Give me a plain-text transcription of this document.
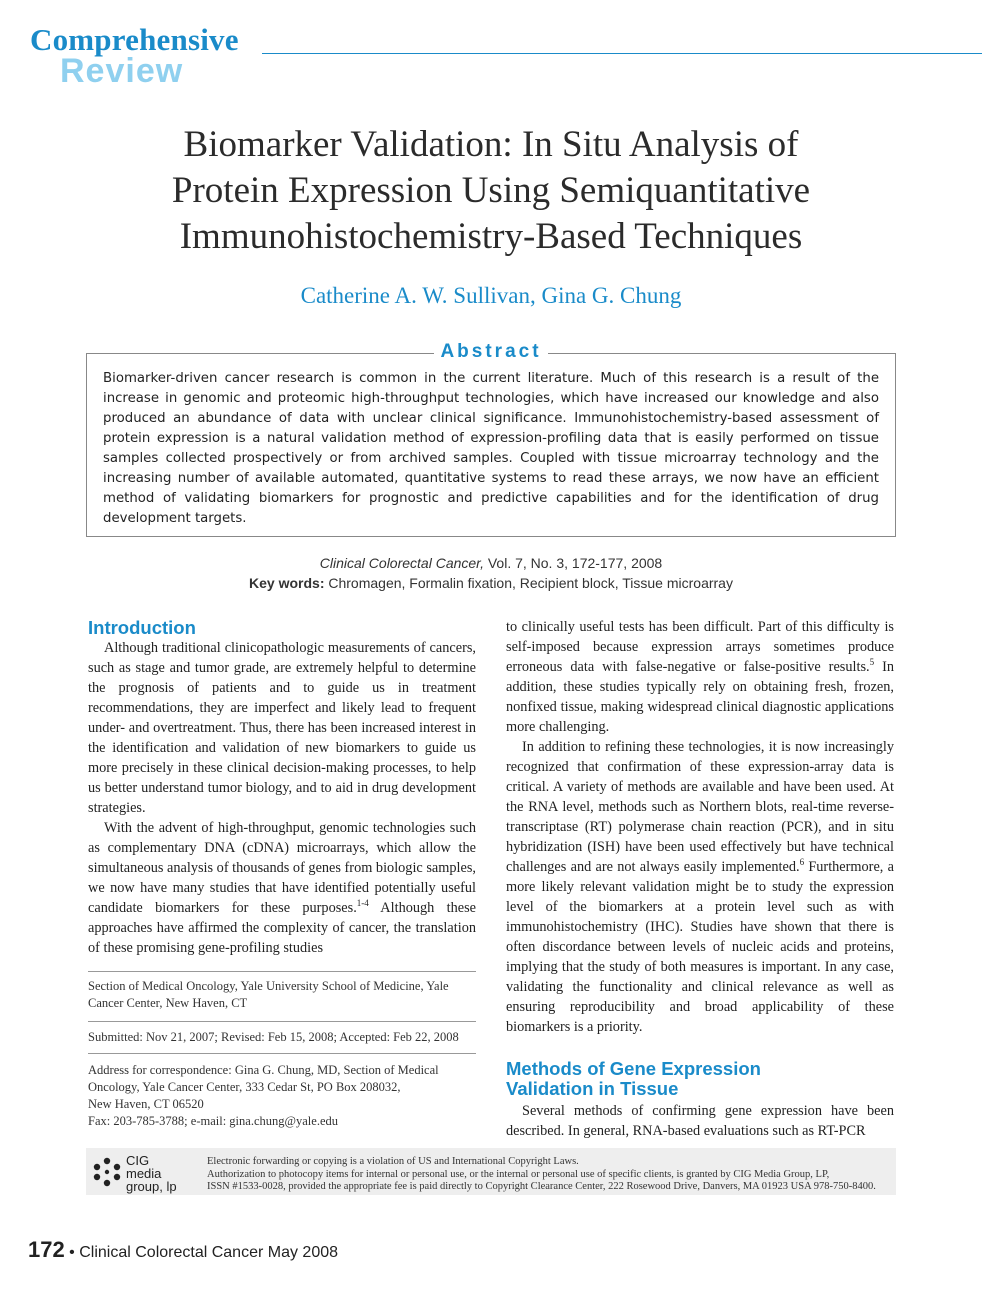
Comprehensive
Review
Biomarker Validation: In Situ Analysis of
Protein Expression Using Semiquantitative
Immunohistochemistry-Based Techniques
Catherine A. W. Sullivan, Gina G. Chung
Abstract
Biomarker-driven cancer research is common in the current literature. Much of this research is a result of the increase in genomic and proteomic high-throughput technologies, which have increased our knowledge and also produced an abundance of data with unclear clinical significance. Immunohistochemistry-based assessment of protein expression is a natural validation method of expression-profiling data that is easily performed on tissue samples collected prospectively or from archived samples. Coupled with tissue microarray technology and the increasing number of available automated, quantitative systems to read these arrays, we now have an efficient method of validating biomarkers for prognostic and predictive capabilities and for the identification of drug development targets.
Clinical Colorectal Cancer, Vol. 7, No. 3, 172-177, 2008
Key words: Chromagen, Formalin fixation, Recipient block, Tissue microarray
Introduction

Although traditional clinicopathologic measurements of cancers, such as stage and tumor grade, are extremely helpful to determine the prognosis of patients and to guide us in treatment recommendations, they are imperfect and likely lead to frequent under- and overtreatment. Thus, there has been increased interest in the identification and validation of new biomarkers to guide us more precisely in these clinical decision-making processes, to help us better understand tumor biology, and to aid in drug development strategies.

With the advent of high-throughput, genomic technologies such as complementary DNA (cDNA) microarrays, which allow the simultaneous analysis of thousands of genes from biologic samples, we now have many studies that have identified potentially useful candidate biomarkers for these purposes.$^{1-4}$ Although these approaches have affirmed the complexity of cancer, the translation of these promising gene-profiling studies

Section of Medical Oncology, Yale University School of Medicine, Yale Cancer Center, New Haven, CT
Submitted: Nov 21, 2007; Revised: Feb 15, 2008; Accepted: Feb 22, 2008
Address for correspondence: Gina G. Chung, MD, Section of Medical
Oncology, Yale Cancer Center, 333 Cedar St, PO Box 208032,
New Haven, CT 06520
Fax: 203-785-3788; e-mail: gina.chung@yale.edu

to clinically useful tests has been difficult. Part of this difficulty is self-imposed because expression arrays sometimes produce erroneous data with false-negative or false-positive results.$^5$ In addition, these studies typically rely on obtaining fresh, frozen, nonfixed tissue, making widespread clinical diagnostic applications more challenging.

In addition to refining these technologies, it is now increasingly recognized that confirmation of these expression-array data is critical. A variety of methods are available and have been used. At the RNA level, methods such as Northern blots, real-time reverse-transcriptase (RT) polymerase chain reaction (PCR), and in situ hybridization (ISH) have been used effectively but have technical challenges and are not always easily implemented.$^6$ Furthermore, a more likely relevant validation might be to study the expression level of the biomarkers at a protein level such as with immunohistochemistry (IHC). Studies have shown that there is often discordance between levels of nucleic acids and proteins, implying that the study of both measures is important. In any case, validating the functionality and clinical relevance as well as ensuring reproducibility and broad applicability of these biomarkers is a priority.

Methods of Gene Expression
Validation in Tissue

Several methods of confirming gene expression have been described. In general, RNA-based evaluations such as RT-PCR

CIG
media
group, lp
Electronic forwarding or copying is a violation of US and International Copyright Laws.
Authorization to photocopy items for internal or personal use, or the internal or personal use of specific clients, is granted by CIG Media Group, LP,
ISSN #1533-0028, provided the appropriate fee is paid directly to Copyright Clearance Center, 222 Rosewood Drive, Danvers, MA 01923 USA 978-750-8400.
172 • Clinical Colorectal Cancer May 2008
